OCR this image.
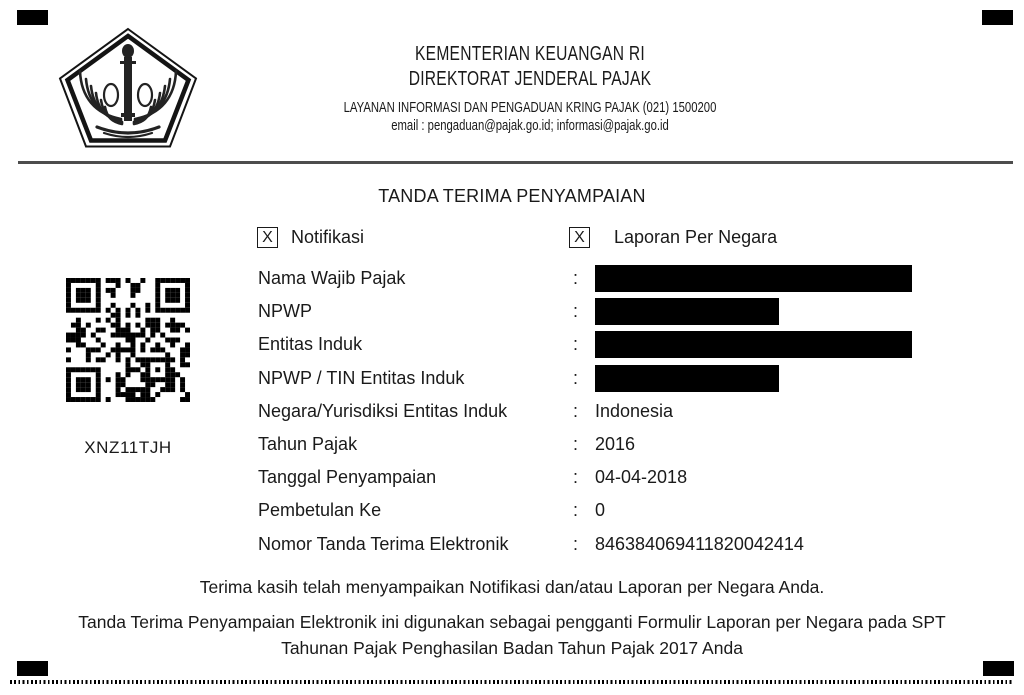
KEMENTERIAN KEUANGAN RI
DIREKTORAT JENDERAL PAJAK
LAYANAN INFORMASI DAN PENGADUAN KRING PAJAK (021) 1500200
email : pengaduan@pajak.go.id; informasi@pajak.go.id
TANDA TERIMA PENYAMPAIAN
X Notifikasi	X Laporan Per Negara
XNZ11TJH
Nama Wajib Pajak	:
NPWP	:
Entitas Induk	:
NPWP / TIN Entitas Induk	:
Negara/Yurisdiksi Entitas Induk	: Indonesia
Tahun Pajak	: 2016
Tanggal Penyampaian	: 04-04-2018
Pembetulan Ke	: 0
Nomor Tanda Terima Elektronik	: 846384069411820042414
Terima kasih telah menyampaikan Notifikasi dan/atau Laporan per Negara Anda.
Tanda Terima Penyampaian Elektronik ini digunakan sebagai pengganti Formulir Laporan per Negara pada SPT Tahunan Pajak Penghasilan Badan Tahun Pajak 2017 Anda
